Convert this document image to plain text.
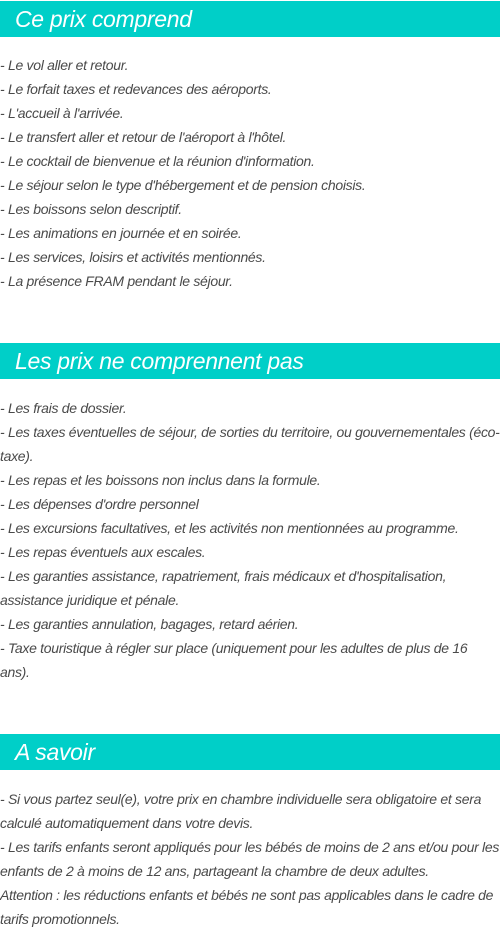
Ce prix comprend
- Le vol aller et retour.
- Le forfait taxes et redevances des aéroports.
- L'accueil à l'arrivée.
- Le transfert aller et retour de l'aéroport à l'hôtel.
- Le cocktail de bienvenue et la réunion d'information.
- Le séjour selon le type d'hébergement et de pension choisis.
- Les boissons selon descriptif.
- Les animations en journée et en soirée.
- Les services, loisirs et activités mentionnés.
- La présence FRAM pendant le séjour.
Les prix ne comprennent pas
- Les frais de dossier.
- Les taxes éventuelles de séjour, de sorties du territoire, ou gouvernementales (éco-taxe).
- Les repas et les boissons non inclus dans la formule.
- Les dépenses d'ordre personnel
- Les excursions facultatives, et les activités non mentionnées au programme.
- Les repas éventuels aux escales.
- Les garanties assistance, rapatriement, frais médicaux et d'hospitalisation, assistance juridique et pénale.
- Les garanties annulation, bagages, retard aérien.
- Taxe touristique à régler sur place (uniquement pour les adultes de plus de 16 ans).
A savoir
- Si vous partez seul(e), votre prix en chambre individuelle sera obligatoire et sera calculé automatiquement dans votre devis.
- Les tarifs enfants seront appliqués pour les bébés de moins de 2 ans et/ou pour les enfants de 2 à moins de 12 ans, partageant la chambre de deux adultes.
Attention : les réductions enfants et bébés ne sont pas applicables dans le cadre de tarifs promotionnels.
